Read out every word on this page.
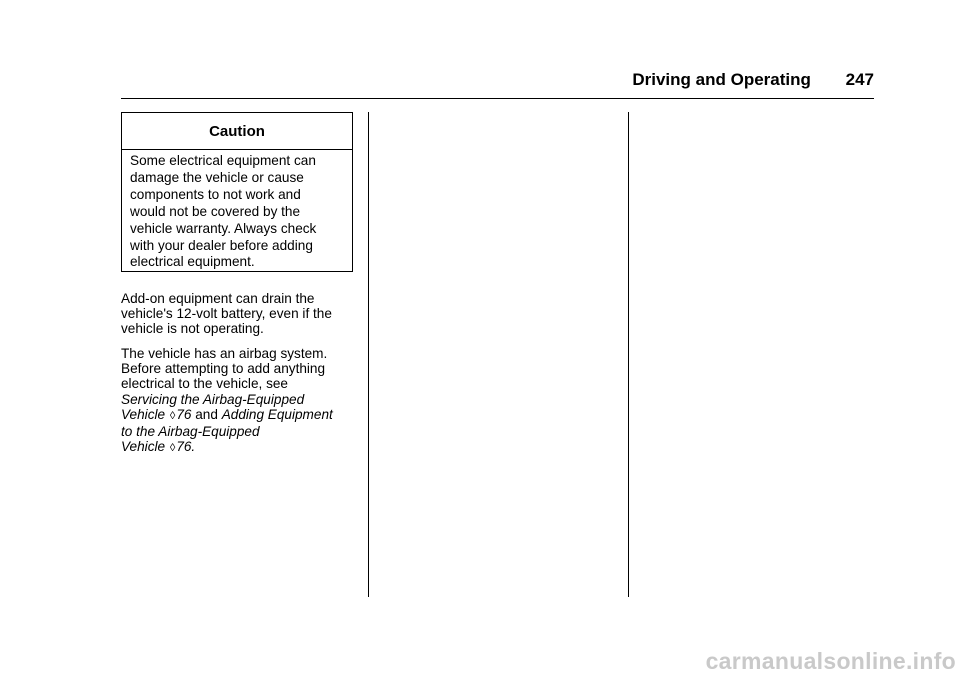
Driving and Operating 247
Caution
Some electrical equipment can
damage the vehicle or cause
components to not work and
would not be covered by the
vehicle warranty. Always check
with your dealer before adding
electrical equipment.
Add-on equipment can drain the
vehicle's 12-volt battery, even if the
vehicle is not operating.
The vehicle has an airbag system.
Before attempting to add anything
electrical to the vehicle, see
Servicing the Airbag-Equipped
Vehicle ◊76 and Adding Equipment
to the Airbag-Equipped
Vehicle ◊76.
carmanualsonline.info
